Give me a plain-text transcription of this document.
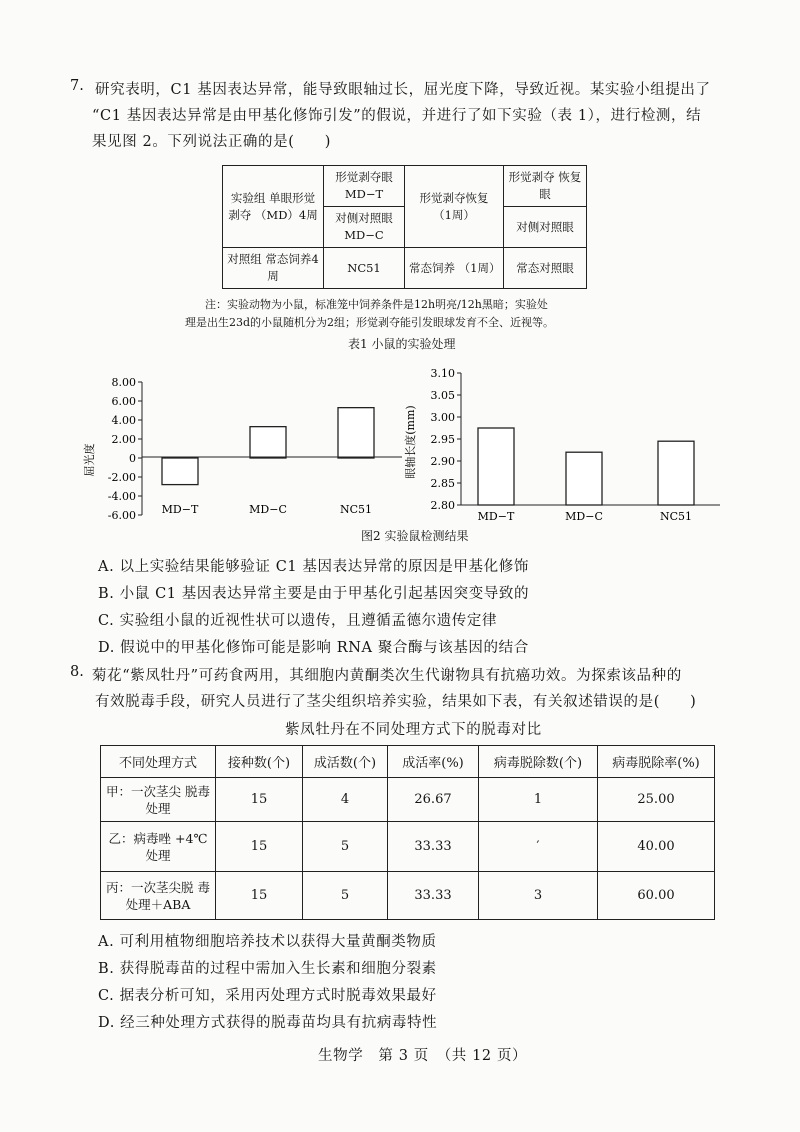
7. 研究表明，C1 基因表达异常，能导致眼轴过长，屈光度下降，导致近视。某实验小组提出了
“C1 基因表达异常是由甲基化修饰引发”的假说，并进行了如下实验（表 1），进行检测，结
果见图 2。下列说法正确的是(　　)
实验组 单眼形觉剥夺 （MD）4周	形觉剥夺眼 MD−T	形觉剥夺恢复 （1周）	形觉剥夺 恢复眼
	对侧对照眼 MD−C		对侧对照眼
对照组 常态饲养4周	NC51	常态饲养 （1周）	常态对照眼
注：实验动物为小鼠，标准笼中饲养条件是12h明亮/12h黑暗；实验处
理是出生23d的小鼠随机分为2组；形觉剥夺能引发眼球发育不全、近视等。
表1 小鼠的实验处理
屈光度
8.00
6.00
4.00
2.00
0
-2.00
-4.00
-6.00 MD−T	MD−C	NC51
眼轴长度(mm)
3.10
3.05
3.00
2.95
2.90
2.85
2.80
MD−T	MD−C	NC51
图2 实验鼠检测结果
A. 以上实验结果能够验证 C1 基因表达异常的原因是甲基化修饰
B. 小鼠 C1 基因表达异常主要是由于甲基化引起基因突变导致的
C. 实验组小鼠的近视性状可以遗传，且遵循孟德尔遗传定律
D. 假说中的甲基化修饰可能是影响 RNA 聚合酶与该基因的结合
8. 菊花“紫凤牡丹”可药食两用，其细胞内黄酮类次生代谢物具有抗癌功效。为探索该品种的
有效脱毒手段，研究人员进行了茎尖组织培养实验，结果如下表，有关叙述错误的是(　　)
紫凤牡丹在不同处理方式下的脱毒对比
不同处理方式	接种数(个)	成活数(个)	成活率(%)	病毒脱除数(个)	病毒脱除率(%)
甲：一次茎尖 脱毒处理	15	4	26.67	1	25.00
乙：病毒唑 +4℃处理	15	5	33.33	′	40.00
丙：一次茎尖脱 毒处理＋ABA	15	5	33.33	3	60.00
A. 可利用植物细胞培养技术以获得大量黄酮类物质
B. 获得脱毒苗的过程中需加入生长素和细胞分裂素
C. 据表分析可知，采用丙处理方式时脱毒效果最好
D. 经三种处理方式获得的脱毒苗均具有抗病毒特性
生物学　第 3 页　（共 12 页）
